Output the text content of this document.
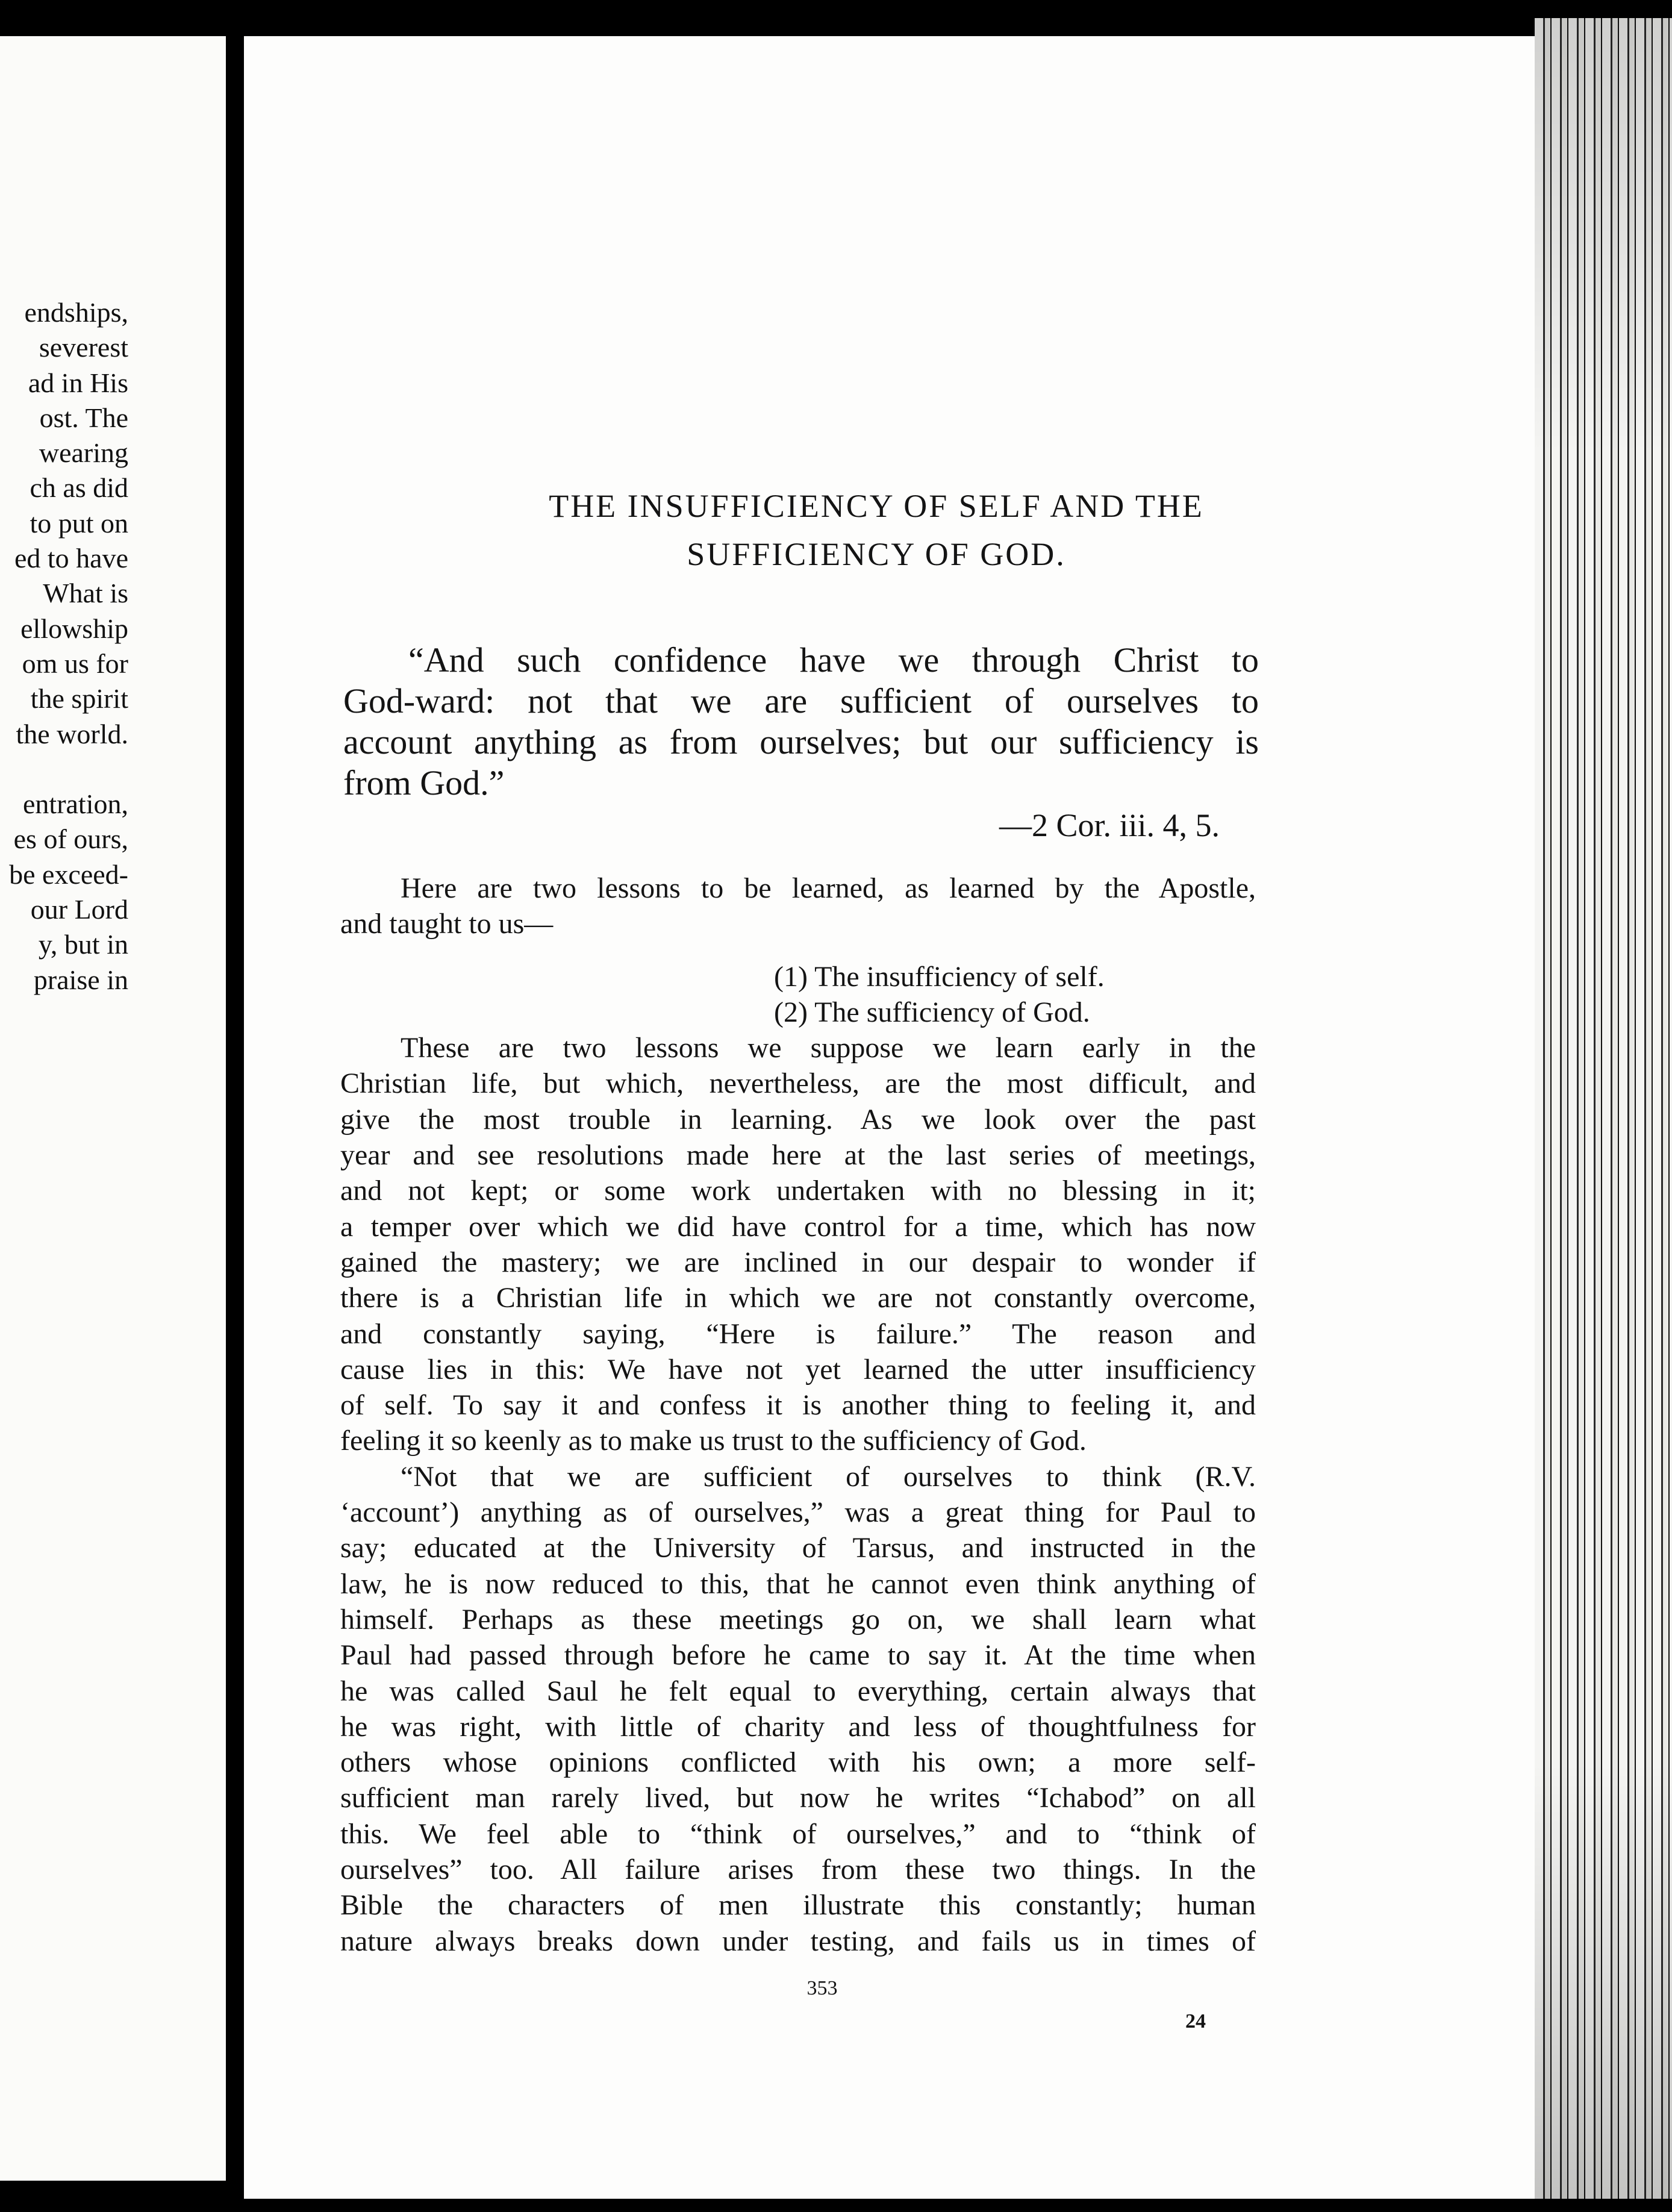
endships,
severest
ad in His
ost. The
wearing
ch as did
to put on
ed to have
What is
ellowship
om us for
the spirit
the world.

entration,
es of ours,
be exceed-
our Lord
y, but in
praise in
THE INSUFFICIENCY OF SELF AND THE
SUFFICIENCY OF GOD.
“And such confidence have we through Christ to
God-ward: not that we are sufficient of ourselves to
account anything as from ourselves; but our sufficiency is
from God.”
—2 Cor. iii. 4, 5.
Here are two lessons to be learned, as learned by the Apostle,
and taught to us—
(1) The insufficiency of self.
(2) The sufficiency of God.
These are two lessons we suppose we learn early in the
Christian life, but which, nevertheless, are the most difficult, and
give the most trouble in learning. As we look over the past
year and see resolutions made here at the last series of meetings,
and not kept; or some work undertaken with no blessing in it;
a temper over which we did have control for a time, which has now
gained the mastery; we are inclined in our despair to wonder if
there is a Christian life in which we are not constantly overcome,
and constantly saying, “Here is failure.” The reason and
cause lies in this: We have not yet learned the utter insufficiency
of self. To say it and confess it is another thing to feeling it, and
feeling it so keenly as to make us trust to the sufficiency of God.
“Not that we are sufficient of ourselves to think (R.V.
‘account’) anything as of ourselves,” was a great thing for Paul to
say; educated at the University of Tarsus, and instructed in the
law, he is now reduced to this, that he cannot even think anything of
himself. Perhaps as these meetings go on, we shall learn what
Paul had passed through before he came to say it. At the time when
he was called Saul he felt equal to everything, certain always that
he was right, with little of charity and less of thoughtfulness for
others whose opinions conflicted with his own; a more self-
sufficient man rarely lived, but now he writes “Ichabod” on all
this. We feel able to “think of ourselves,” and to “think of
ourselves” too. All failure arises from these two things. In the
Bible the characters of men illustrate this constantly; human
nature always breaks down under testing, and fails us in times of
353
24
